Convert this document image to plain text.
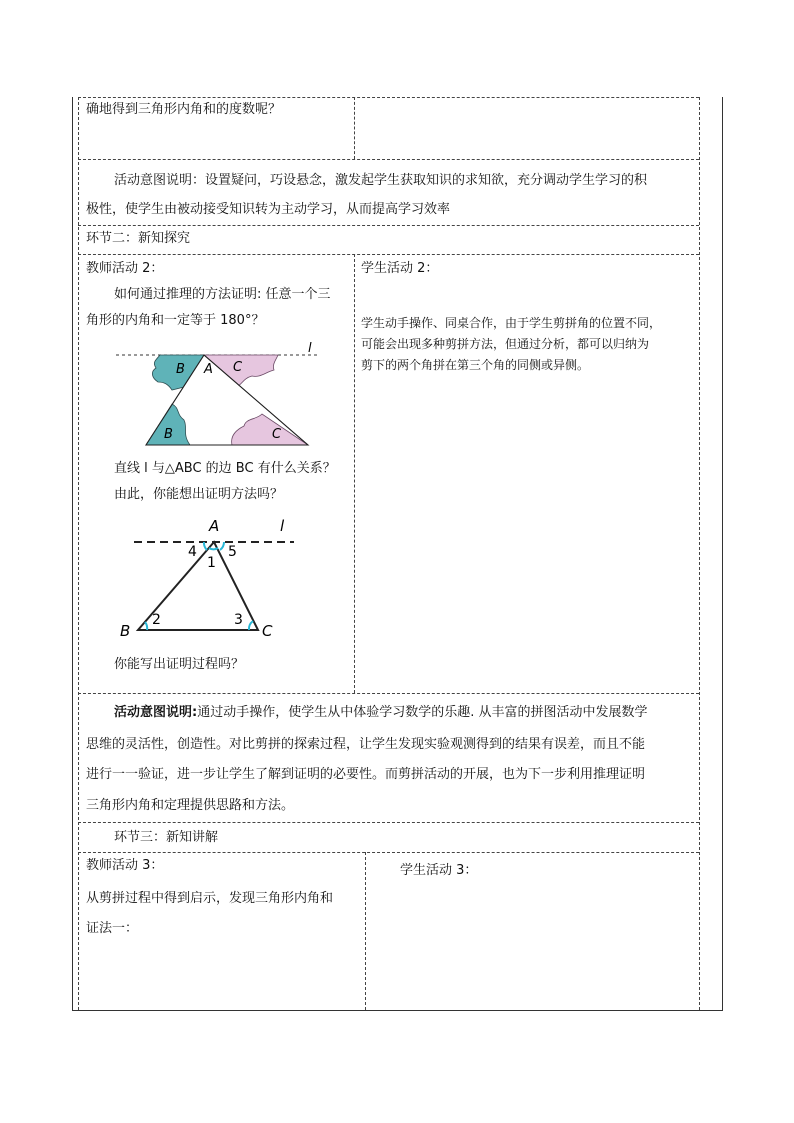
确地得到三角形内角和的度数呢？
活动意图说明：设置疑问，巧设悬念，激发起学生获取知识的求知欲，充分调动学生学习的积
极性，使学生由被动接受知识转为主动学习，从而提高学习效率
环节二：新知探究
教师活动 2：
如何通过推理的方法证明: 任意一个三
角形的内角和一定等于 180°？
l
B A C
B	C
直线 l 与△ABC 的边 BC 有什么关系？
由此，你能想出证明方法吗？
A	l
4 5
1
2	3
B	C
你能写出证明过程吗？
学生活动 2：
学生动手操作、同桌合作，由于学生剪拼角的位置不同，
可能会出现多种剪拼方法，但通过分析，都可以归纳为
剪下的两个角拼在第三个角的同侧或异侧。
活动意图说明:通过动手操作，使学生从中体验学习数学的乐趣. 从丰富的拼图活动中发展数学
思维的灵活性，创造性。对比剪拼的探索过程，让学生发现实验观测得到的结果有误差，而且不能
进行一一验证，进一步让学生了解到证明的必要性。而剪拼活动的开展，也为下一步利用推理证明
三角形内角和定理提供思路和方法。
环节三：新知讲解
教师活动 3：
从剪拼过程中得到启示，发现三角形内角和
证法一：
学生活动 3：
